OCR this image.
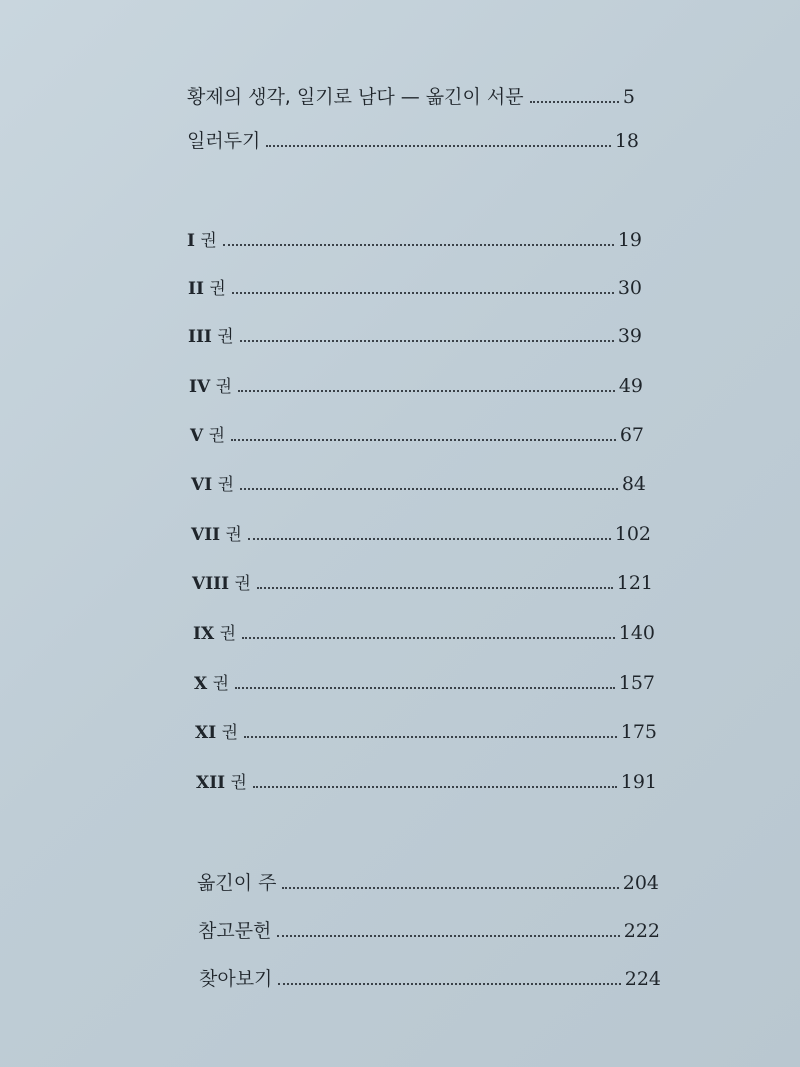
황제의 생각, 일기로 남다 — 옮긴이 서문	5
일러두기	18
I 권	19
II 권	30
III 권	39
IV 권	49
V 권	67
VI 권	84
VII 권	102
VIII 권	121
IX 권	140
X 권	157
XI 권	175
XII 권	191
옮긴이 주	204
참고문헌	222
찾아보기	224
